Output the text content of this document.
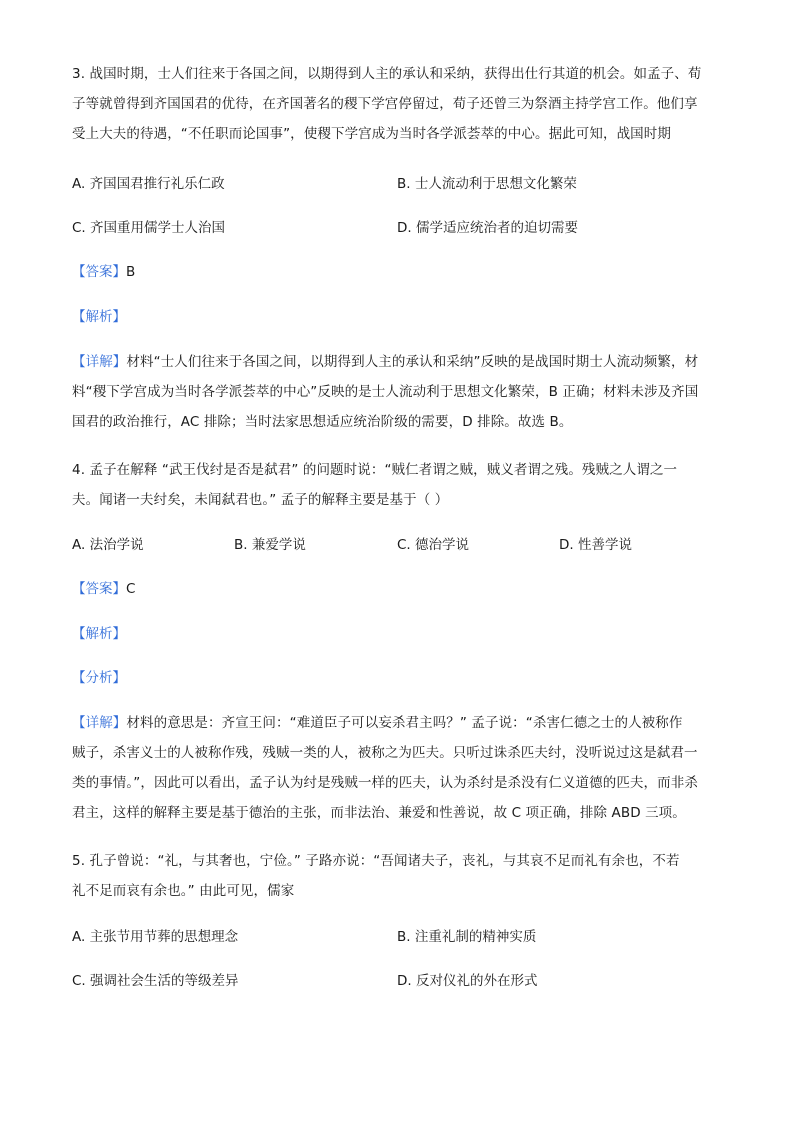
3. 战国时期，士人们往来于各国之间，以期得到人主的承认和采纳，获得出仕行其道的机会。如孟子、荀
子等就曾得到齐国国君的优待，在齐国著名的稷下学宫停留过，荀子还曾三为祭酒主持学宫工作。他们享
受上大夫的待遇，“不任职而论国事”，使稷下学宫成为当时各学派荟萃的中心。据此可知，战国时期
A. 齐国国君推行礼乐仁政	B. 士人流动利于思想文化繁荣
C. 齐国重用儒学士人治国	D. 儒学适应统治者的迫切需要
【答案】B
【解析】
【详解】材料“士人们往来于各国之间，以期得到人主的承认和采纳”反映的是战国时期士人流动频繁，材
料“稷下学宫成为当时各学派荟萃的中心”反映的是士人流动利于思想文化繁荣，B 正确；材料未涉及齐国
国君的政治推行，AC 排除；当时法家思想适应统治阶级的需要，D 排除。故选 B。
4. 孟子在解释 “武王伐纣是否是弑君” 的问题时说：“贼仁者谓之贼，贼义者谓之残。残贼之人谓之一
夫。闻诸一夫纣矣，未闻弑君也。” 孟子的解释主要是基于（ ）
A. 法治学说	B. 兼爱学说	C. 德治学说	D. 性善学说
【答案】C
【解析】
【分析】
【详解】材料的意思是：齐宣王问：“难道臣子可以妄杀君主吗？” 孟子说：“杀害仁德之士的人被称作
贼子，杀害义士的人被称作残，残贼一类的人，被称之为匹夫。只听过诛杀匹夫纣，没听说过这是弑君一
类的事情。”，因此可以看出，孟子认为纣是残贼一样的匹夫，认为杀纣是杀没有仁义道德的匹夫，而非杀
君主，这样的解释主要是基于德治的主张，而非法治、兼爱和性善说，故 C 项正确，排除 ABD 三项。
5. 孔子曾说：“礼，与其奢也，宁俭。” 子路亦说：“吾闻诸夫子，丧礼，与其哀不足而礼有余也，不若
礼不足而哀有余也。” 由此可见，儒家
A. 主张节用节葬的思想理念	B. 注重礼制的精神实质
C. 强调社会生活的等级差异	D. 反对仪礼的外在形式
